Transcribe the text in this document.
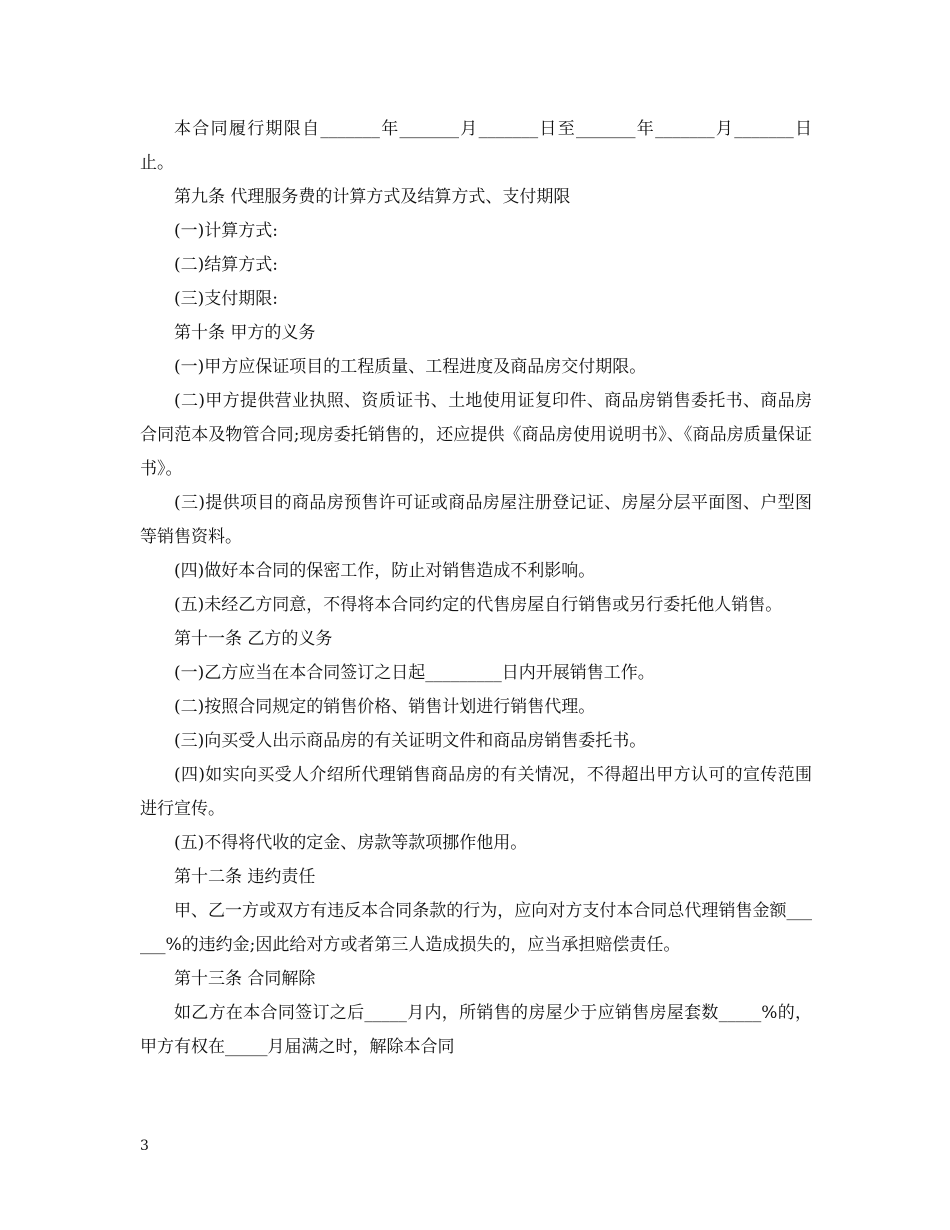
本合同履行期限自_______年_______月_______日至_______年_______月_______日止。

第九条 代理服务费的计算方式及结算方式、支付期限

(一)计算方式:

(二)结算方式:

(三)支付期限:

第十条 甲方的义务

(一)甲方应保证项目的工程质量、工程进度及商品房交付期限。

(二)甲方提供营业执照、资质证书、土地使用证复印件、商品房销售委托书、商品房合同范本及物管合同;现房委托销售的，还应提供《商品房使用说明书》、《商品房质量保证书》。

(三)提供项目的商品房预售许可证或商品房屋注册登记证、房屋分层平面图、户型图等销售资料。

(四)做好本合同的保密工作，防止对销售造成不利影响。

(五)未经乙方同意，不得将本合同约定的代售房屋自行销售或另行委托他人销售。

第十一条 乙方的义务

(一)乙方应当在本合同签订之日起_________日内开展销售工作。

(二)按照合同规定的销售价格、销售计划进行销售代理。

(三)向买受人出示商品房的有关证明文件和商品房销售委托书。

(四)如实向买受人介绍所代理销售商品房的有关情况，不得超出甲方认可的宣传范围进行宣传。

(五)不得将代收的定金、房款等款项挪作他用。

第十二条 违约责任

甲、乙一方或双方有违反本合同条款的行为，应向对方支付本合同总代理销售金额______%的违约金;因此给对方或者第三人造成损失的，应当承担赔偿责任。

第十三条 合同解除

如乙方在本合同签订之后_____月内，所销售的房屋少于应销售房屋套数_____%的，甲方有权在_____月届满之时，解除本合同

3
